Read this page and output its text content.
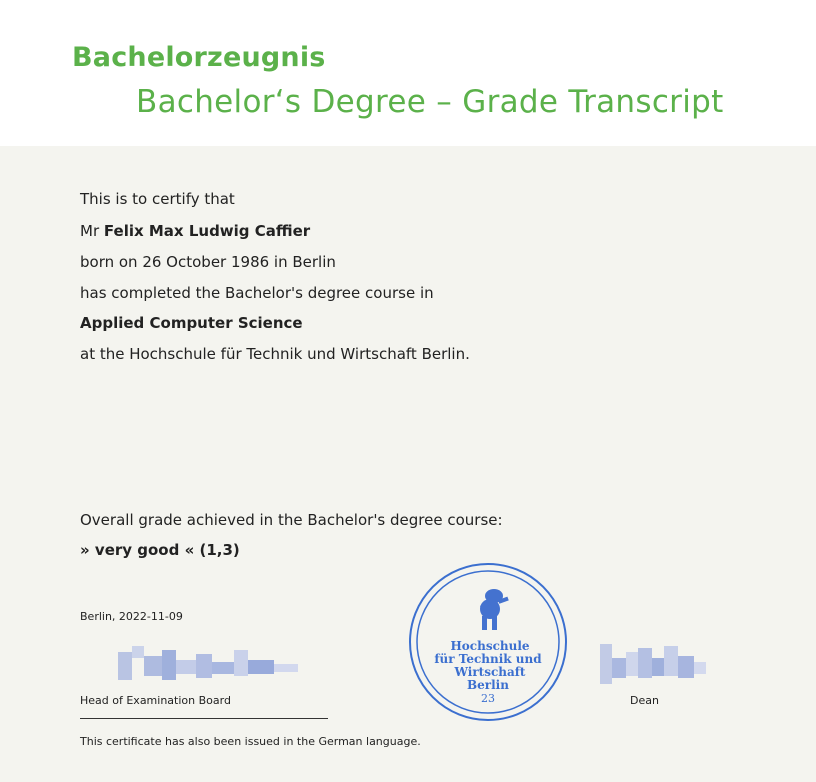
Bachelorzeugnis
Bachelor‘s Degree – Grade Transcript
This is to certify that
Mr Felix Max Ludwig Caffier
born on 26 October 1986 in Berlin
has completed the Bachelor's degree course in
Applied Computer Science
at the Hochschule für Technik und Wirtschaft Berlin.
Overall grade achieved in the Bachelor's degree course:
» very good « (1,3)
Berlin, 2022-11-09
Head of Examination Board
This certificate has also been issued in the German language.
Hochschule
für Technik und
Wirtschaft
Berlin
23	Dean
